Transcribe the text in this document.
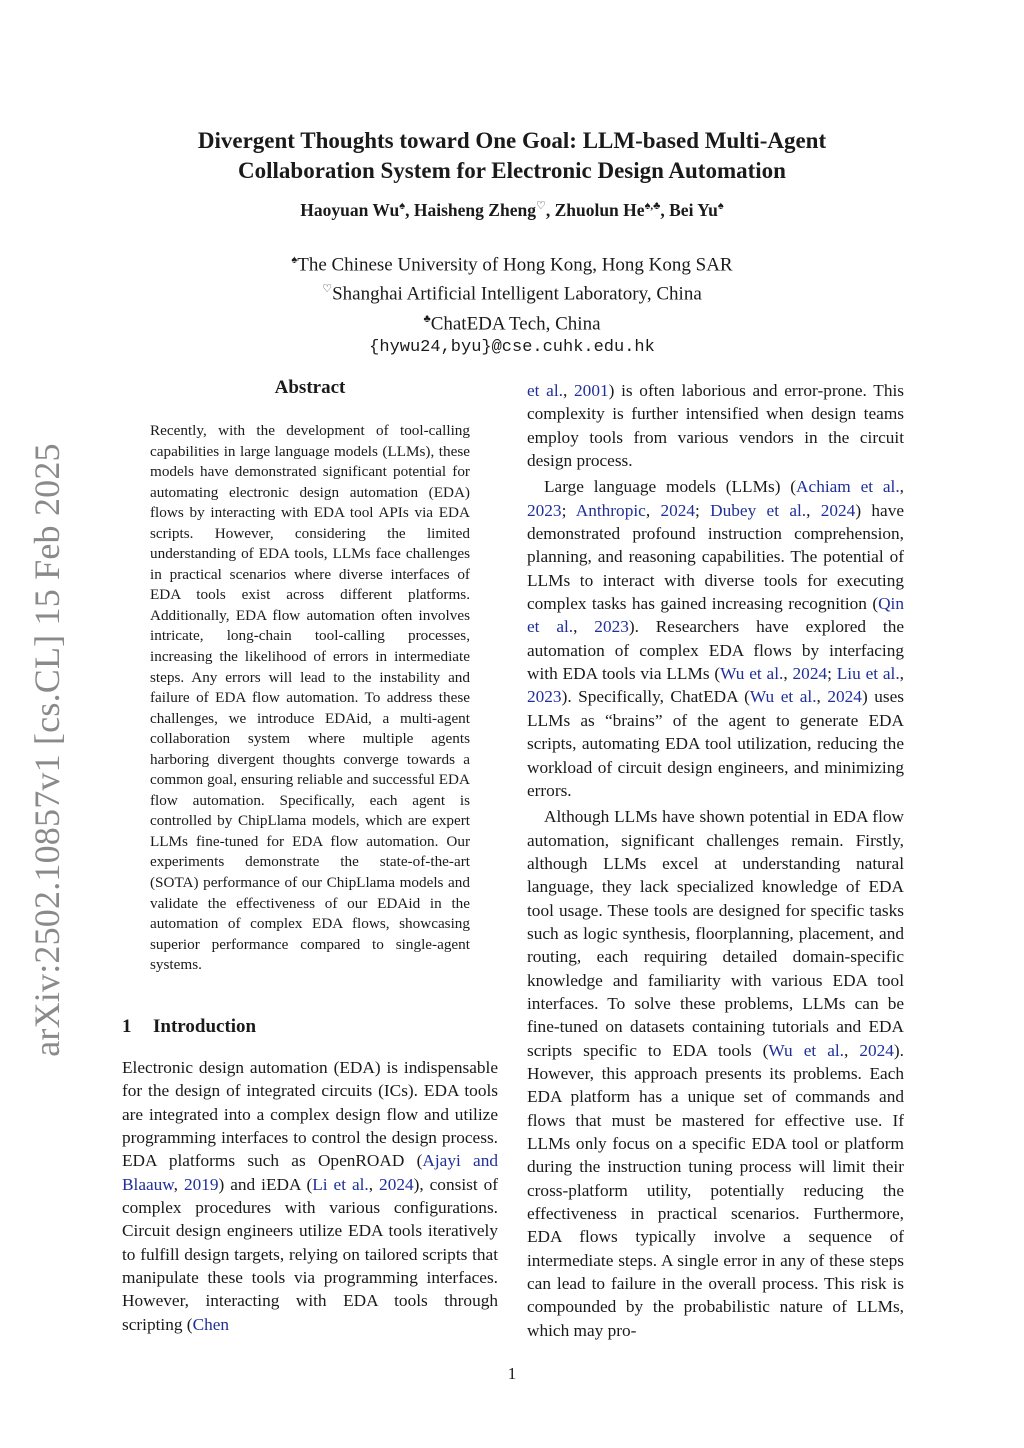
arXiv:2502.10857v1 [cs.CL] 15 Feb 2025
Divergent Thoughts toward One Goal: LLM-based Multi-Agent
Collaboration System for Electronic Design Automation
Haoyuan Wu♠, Haisheng Zheng♡, Zhuolun He♠,♣, Bei Yu♠
♠The Chinese University of Hong Kong, Hong Kong SAR
♡Shanghai Artificial Intelligent Laboratory, China
♣ChatEDA Tech, China
{hywu24,byu}@cse.cuhk.edu.hk
Abstract

Recently, with the development of tool-calling capabilities in large language models (LLMs), these models have demonstrated significant potential for automating electronic design automation (EDA) flows by interacting with EDA tool APIs via EDA scripts. However, considering the limited understanding of EDA tools, LLMs face challenges in practical scenarios where diverse interfaces of EDA tools exist across different platforms. Additionally, EDA flow automation often involves intricate, long-chain tool-calling processes, increasing the likelihood of errors in intermediate steps. Any errors will lead to the instability and failure of EDA flow automation. To address these challenges, we introduce EDAid, a multi-agent collaboration system where multiple agents harboring divergent thoughts converge towards a common goal, ensuring reliable and successful EDA flow automation. Specifically, each agent is controlled by ChipLlama models, which are expert LLMs fine-tuned for EDA flow automation. Our experiments demonstrate the state-of-the-art (SOTA) performance of our ChipLlama models and validate the effectiveness of our EDAid in the automation of complex EDA flows, showcasing superior performance compared to single-agent systems.

1 Introduction

Electronic design automation (EDA) is indispensable for the design of integrated circuits (ICs). EDA tools are integrated into a complex design flow and utilize programming interfaces to control the design process. EDA platforms such as OpenROAD (Ajayi and Blaauw, 2019) and iEDA (Li et al., 2024), consist of complex procedures with various configurations. Circuit design engineers utilize EDA tools iteratively to fulfill design targets, relying on tailored scripts that manipulate these tools via programming interfaces. However, interacting with EDA tools through scripting (Chen

et al., 2001) is often laborious and error-prone. This complexity is further intensified when design teams employ tools from various vendors in the circuit design process.

Large language models (LLMs) (Achiam et al., 2023; Anthropic, 2024; Dubey et al., 2024) have demonstrated profound instruction comprehension, planning, and reasoning capabilities. The potential of LLMs to interact with diverse tools for executing complex tasks has gained increasing recognition (Qin et al., 2023). Researchers have explored the automation of complex EDA flows by interfacing with EDA tools via LLMs (Wu et al., 2024; Liu et al., 2023). Specifically, ChatEDA (Wu et al., 2024) uses LLMs as “brains” of the agent to generate EDA scripts, automating EDA tool utilization, reducing the workload of circuit design engineers, and minimizing errors.

Although LLMs have shown potential in EDA flow automation, significant challenges remain. Firstly, although LLMs excel at understanding natural language, they lack specialized knowledge of EDA tool usage. These tools are designed for specific tasks such as logic synthesis, floorplanning, placement, and routing, each requiring detailed domain-specific knowledge and familiarity with various EDA tool interfaces. To solve these problems, LLMs can be fine-tuned on datasets containing tutorials and EDA scripts specific to EDA tools (Wu et al., 2024). However, this approach presents its problems. Each EDA platform has a unique set of commands and flows that must be mastered for effective use. If LLMs only focus on a specific EDA tool or platform during the instruction tuning process will limit their cross-platform utility, potentially reducing the effectiveness in practical scenarios. Furthermore, EDA flows typically involve a sequence of intermediate steps. A single error in any of these steps can lead to failure in the overall process. This risk is compounded by the probabilistic nature of LLMs, which may pro-

1
